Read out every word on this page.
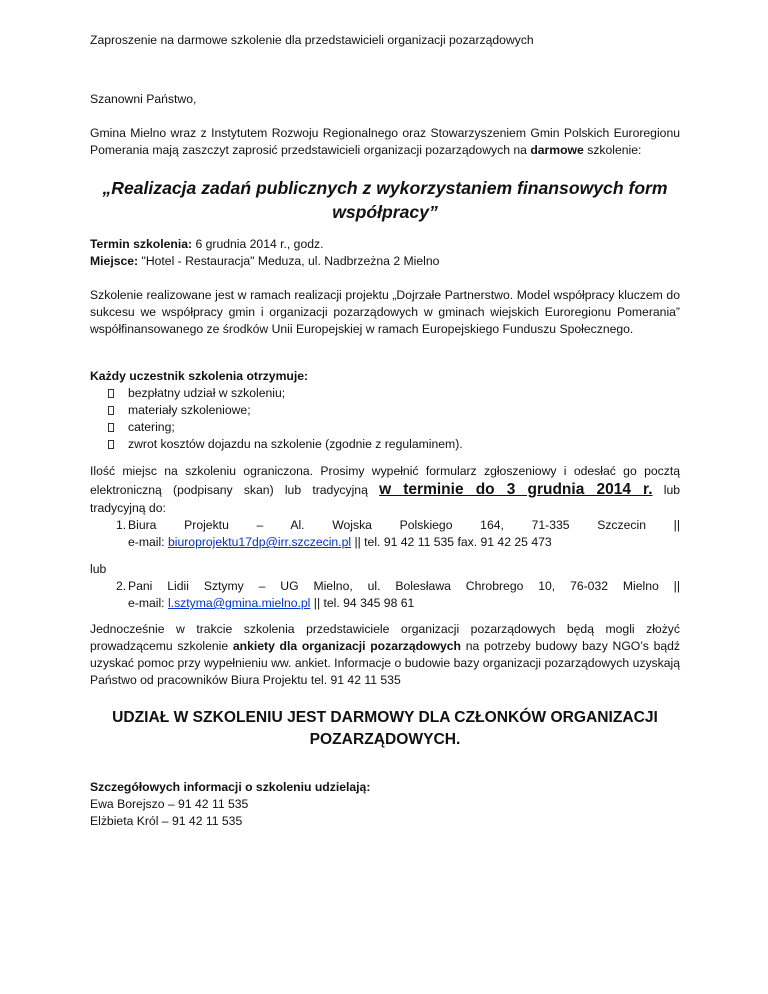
Zaproszenie na darmowe szkolenie dla przedstawicieli organizacji pozarządowych
Szanowni Państwo,
Gmina Mielno wraz z Instytutem Rozwoju Regionalnego oraz Stowarzyszeniem Gmin Polskich Euroregionu Pomerania mają zaszczyt zaprosić przedstawicieli organizacji pozarządowych na darmowe szkolenie:
„Realizacja zadań publicznych z wykorzystaniem finansowych form współpracy”
Termin szkolenia: 6 grudnia 2014 r., godz.
Miejsce: "Hotel - Restauracja" Meduza, ul. Nadbrzeżna 2 Mielno
Szkolenie realizowane jest w ramach realizacji projektu „Dojrzałe Partnerstwo. Model współpracy kluczem do sukcesu we współpracy gmin i organizacji pozarządowych w gminach wiejskich Euroregionu Pomerania” współfinansowanego ze środków Unii Europejskiej w ramach Europejskiego Funduszu Społecznego.
Każdy uczestnik szkolenia otrzymuje:
bezpłatny udział w szkoleniu;
materiały szkoleniowe;
catering;
zwrot kosztów dojazdu na szkolenie (zgodnie z regulaminem).
Ilość miejsc na szkoleniu ograniczona. Prosimy wypełnić formularz zgłoszeniowy i odesłać go pocztą
elektroniczną (podpisany skan) lub tradycyjną w terminie do 3 grudnia 2014 r. lub
tradycyjną do:
1. Biura Projektu – Al. Wojska Polskiego 164, 71-335 Szczecin ||
e-mail: biuroprojektu17dp@irr.szczecin.pl || tel. 91 42 11 535 fax. 91 42 25 473
lub
2. Pani Lidii Sztymy – UG Mielno, ul. Bolesława Chrobrego 10, 76-032 Mielno ||
e-mail: l.sztyma@gmina.mielno.pl || tel. 94 345 98 61
Jednocześnie w trakcie szkolenia przedstawiciele organizacji pozarządowych będą mogli złożyć prowadzącemu szkolenie ankiety dla organizacji pozarządowych na potrzeby budowy bazy NGO’s bądź uzyskać pomoc przy wypełnieniu ww. ankiet. Informacje o budowie bazy organizacji pozarządowych uzyskają Państwo od pracowników Biura Projektu tel. 91 42 11 535
UDZIAŁ W SZKOLENIU JEST DARMOWY DLA CZŁONKÓW ORGANIZACJI POZARZĄDOWYCH.
Szczegółowych informacji o szkoleniu udzielają:
Ewa Borejszo – 91 42 11 535
Elżbieta Król – 91 42 11 535
